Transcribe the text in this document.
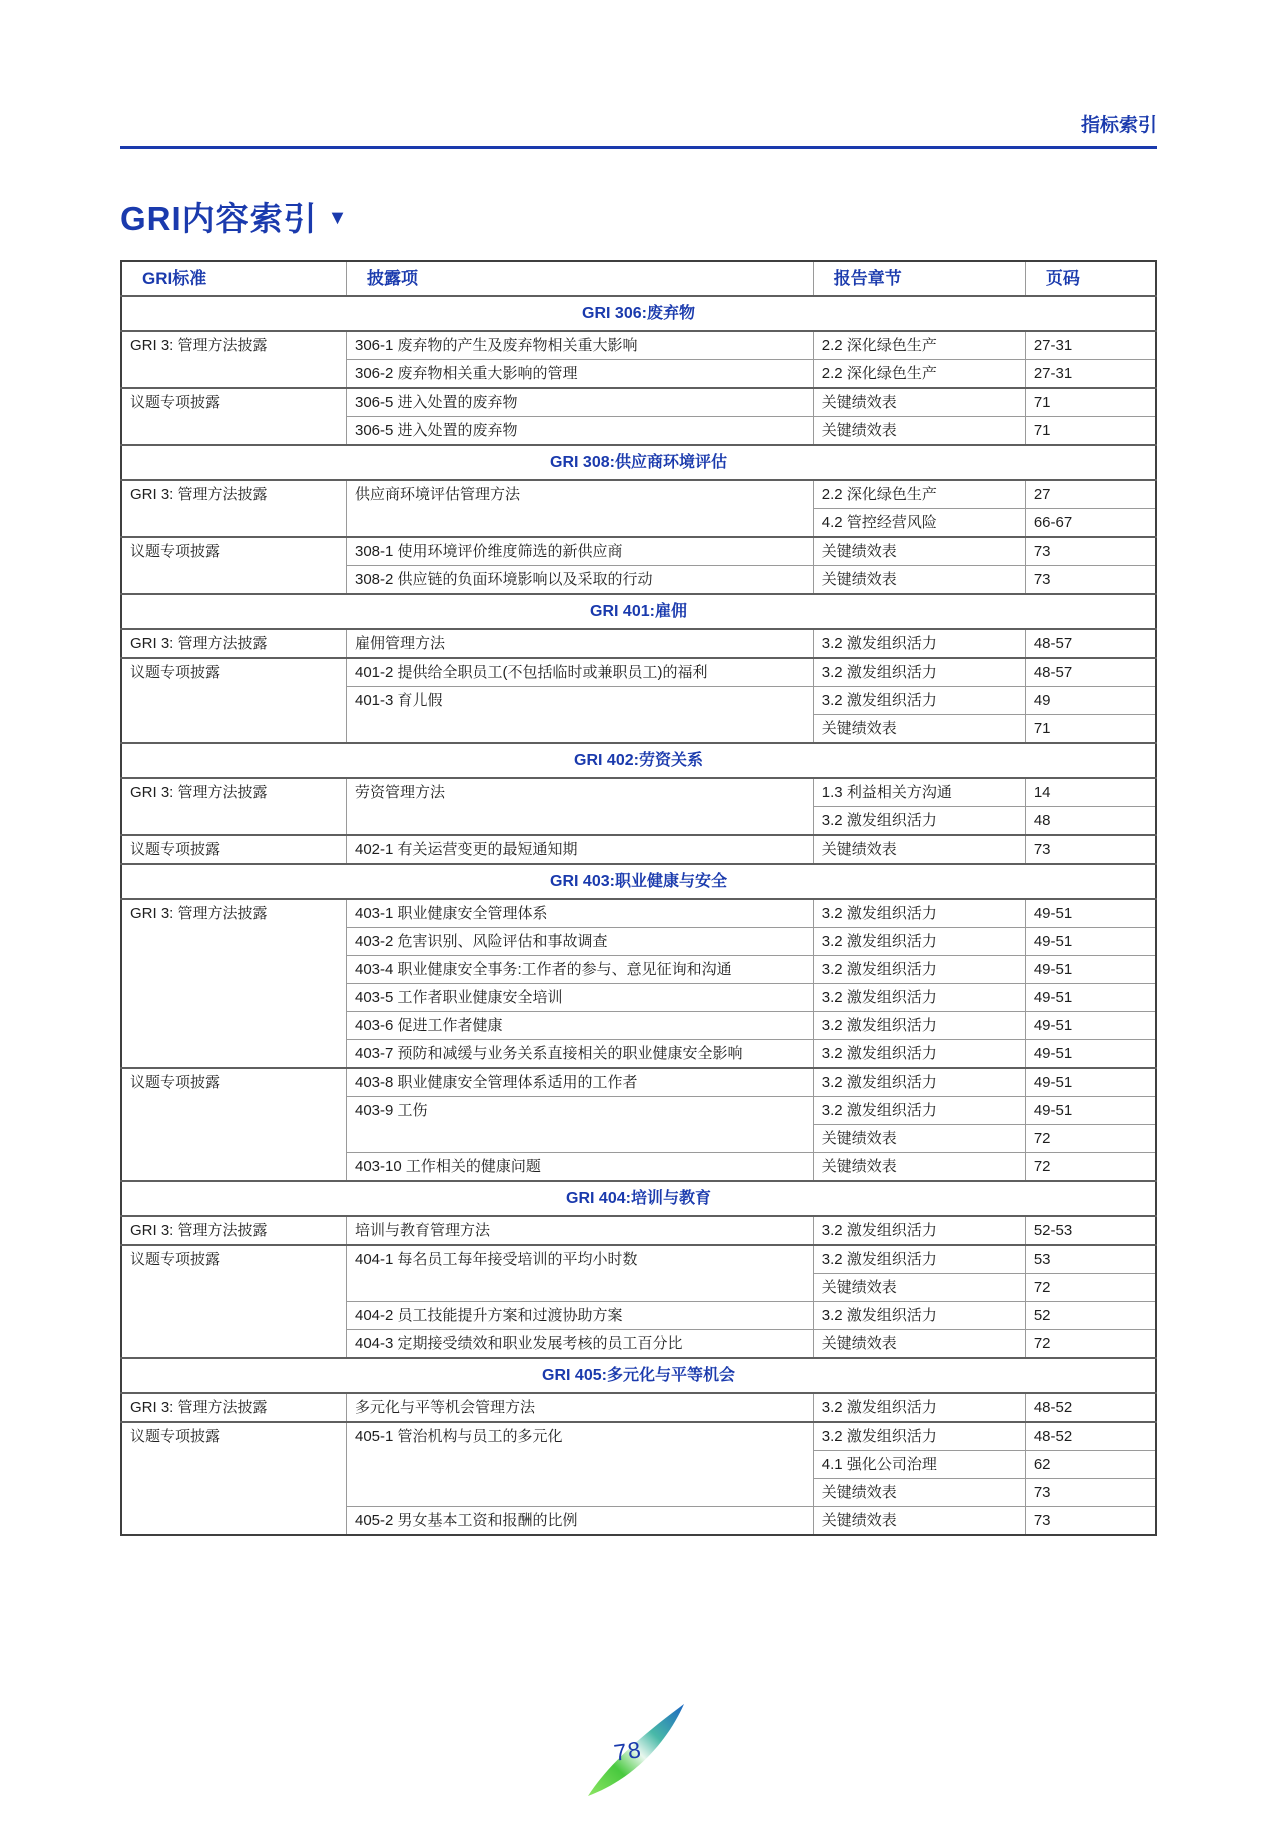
指标索引
GRI内容索引 ▼
GRI标准	披露项	报告章节	页码
GRI 306:废弃物			
GRI 3: 管理方法披露	306-1 废弃物的产生及废弃物相关重大影响	2.2 深化绿色生产	27-31
	306-2 废弃物相关重大影响的管理	2.2 深化绿色生产	27-31
议题专项披露	306-5 进入处置的废弃物	关键绩效表	71
	306-5 进入处置的废弃物	关键绩效表	71
GRI 308:供应商环境评估			
GRI 3: 管理方法披露	供应商环境评估管理方法	2.2 深化绿色生产	27
		4.2 管控经营风险	66-67
议题专项披露	308-1 使用环境评价维度筛选的新供应商	关键绩效表	73
	308-2 供应链的负面环境影响以及采取的行动	关键绩效表	73
GRI 401:雇佣			
GRI 3: 管理方法披露	雇佣管理方法	3.2 激发组织活力	48-57
议题专项披露	401-2 提供给全职员工(不包括临时或兼职员工)的福利	3.2 激发组织活力	48-57
	401-3 育儿假	3.2 激发组织活力	49
		关键绩效表	71
GRI 402:劳资关系			
GRI 3: 管理方法披露	劳资管理方法	1.3 利益相关方沟通	14
		3.2 激发组织活力	48
议题专项披露	402-1 有关运营变更的最短通知期	关键绩效表	73
GRI 403:职业健康与安全			
GRI 3: 管理方法披露	403-1 职业健康安全管理体系	3.2 激发组织活力	49-51
	403-2 危害识别、风险评估和事故调查	3.2 激发组织活力	49-51
	403-4 职业健康安全事务:工作者的参与、意见征询和沟通	3.2 激发组织活力	49-51
	403-5 工作者职业健康安全培训	3.2 激发组织活力	49-51
	403-6 促进工作者健康	3.2 激发组织活力	49-51
	403-7 预防和减缓与业务关系直接相关的职业健康安全影响	3.2 激发组织活力	49-51
议题专项披露	403-8 职业健康安全管理体系适用的工作者	3.2 激发组织活力	49-51
	403-9 工伤	3.2 激发组织活力	49-51
		关键绩效表	72
	403-10 工作相关的健康问题	关键绩效表	72
GRI 404:培训与教育			
GRI 3: 管理方法披露	培训与教育管理方法	3.2 激发组织活力	52-53
议题专项披露	404-1 每名员工每年接受培训的平均小时数	3.2 激发组织活力	53
		关键绩效表	72
	404-2 员工技能提升方案和过渡协助方案	3.2 激发组织活力	52
	404-3 定期接受绩效和职业发展考核的员工百分比	关键绩效表	72
GRI 405:多元化与平等机会			
GRI 3: 管理方法披露	多元化与平等机会管理方法	3.2 激发组织活力	48-52
议题专项披露	405-1 管治机构与员工的多元化	3.2 激发组织活力	48-52
		4.1 强化公司治理	62
		关键绩效表	73
	405-2 男女基本工资和报酬的比例	关键绩效表	73
78
